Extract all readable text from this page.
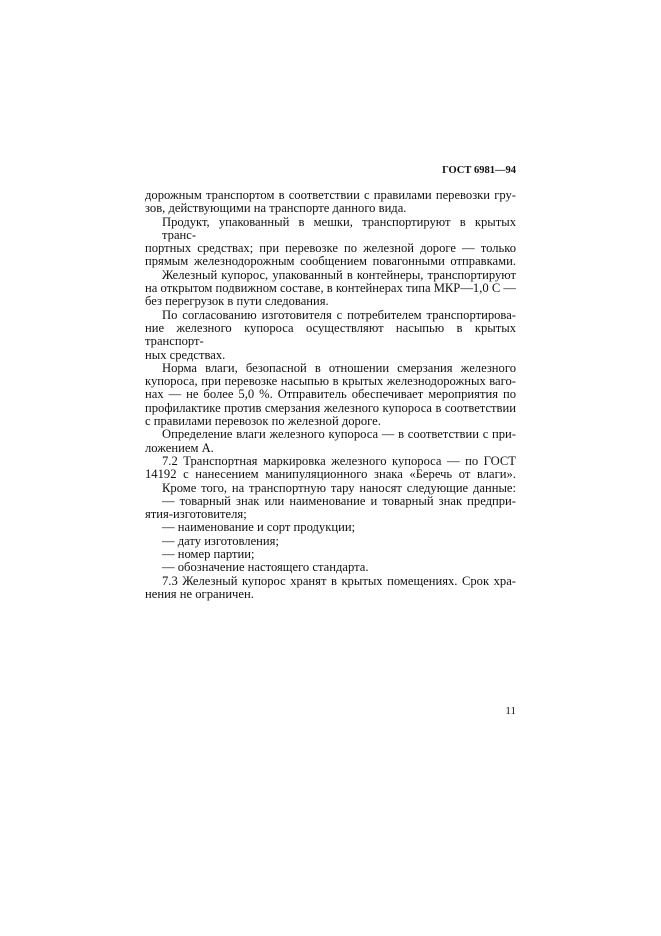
ГОСТ 6981—94
дорожным транспортом в соответствии с правилами перевозки гру-
зов, действующими на транспорте данного вида.
Продукт, упакованный в мешки, транспортируют в крытых транс-
портных средствах; при перевозке по железной дороге — только
прямым железнодорожным сообщением повагонными отправками.
Железный купорос, упакованный в контейнеры, транспортируют
на открытом подвижном составе, в контейнерах типа МКР—1,0 С —
без перегрузок в пути следования.
По согласованию изготовителя с потребителем транспортирова-
ние железного купороса осуществляют насыпью в крытых транспорт-
ных средствах.
Норма влаги, безопасной в отношении смерзания железного
купороса, при перевозке насыпью в крытых железнодорожных ваго-
нах — не более 5,0 %. Отправитель обеспечивает мероприятия по
профилактике против смерзания железного купороса в соответствии
с правилами перевозок по железной дороге.
Определение влаги железного купороса — в соответствии с при-
ложением А.
7.2 Транспортная маркировка железного купороса — по ГОСТ
14192 с нанесением манипуляционного знака «Беречь от влаги».
Кроме того, на транспортную тару наносят следующие данные:
— товарный знак или наименование и товарный знак предпри-
ятия-изготовителя;
— наименование и сорт продукции;
— дату изготовления;
— номер партии;
— обозначение настоящего стандарта.
7.3 Железный купорос хранят в крытых помещениях. Срок хра-
нения не ограничен.
11
